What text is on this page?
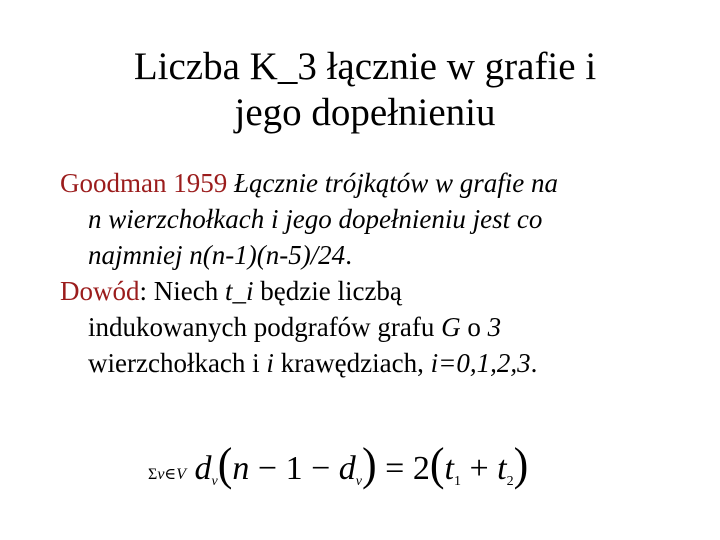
Liczba K_3 łącznie w grafie i
jego dopełnieniu

Goodman 1959 Łącznie trójkątów w grafie na
n wierzchołkach i jego dopełnieniu jest co
najmniej n(n-1)(n-5)/24.

Dowód: Niech t_i będzie liczbą
indukowanych podgrafów grafu G o 3
wierzchołkach i i krawędziach, i=0,1,2,3.

Σv∈V dv(n − 1 − dv) = 2(t1 + t2)
